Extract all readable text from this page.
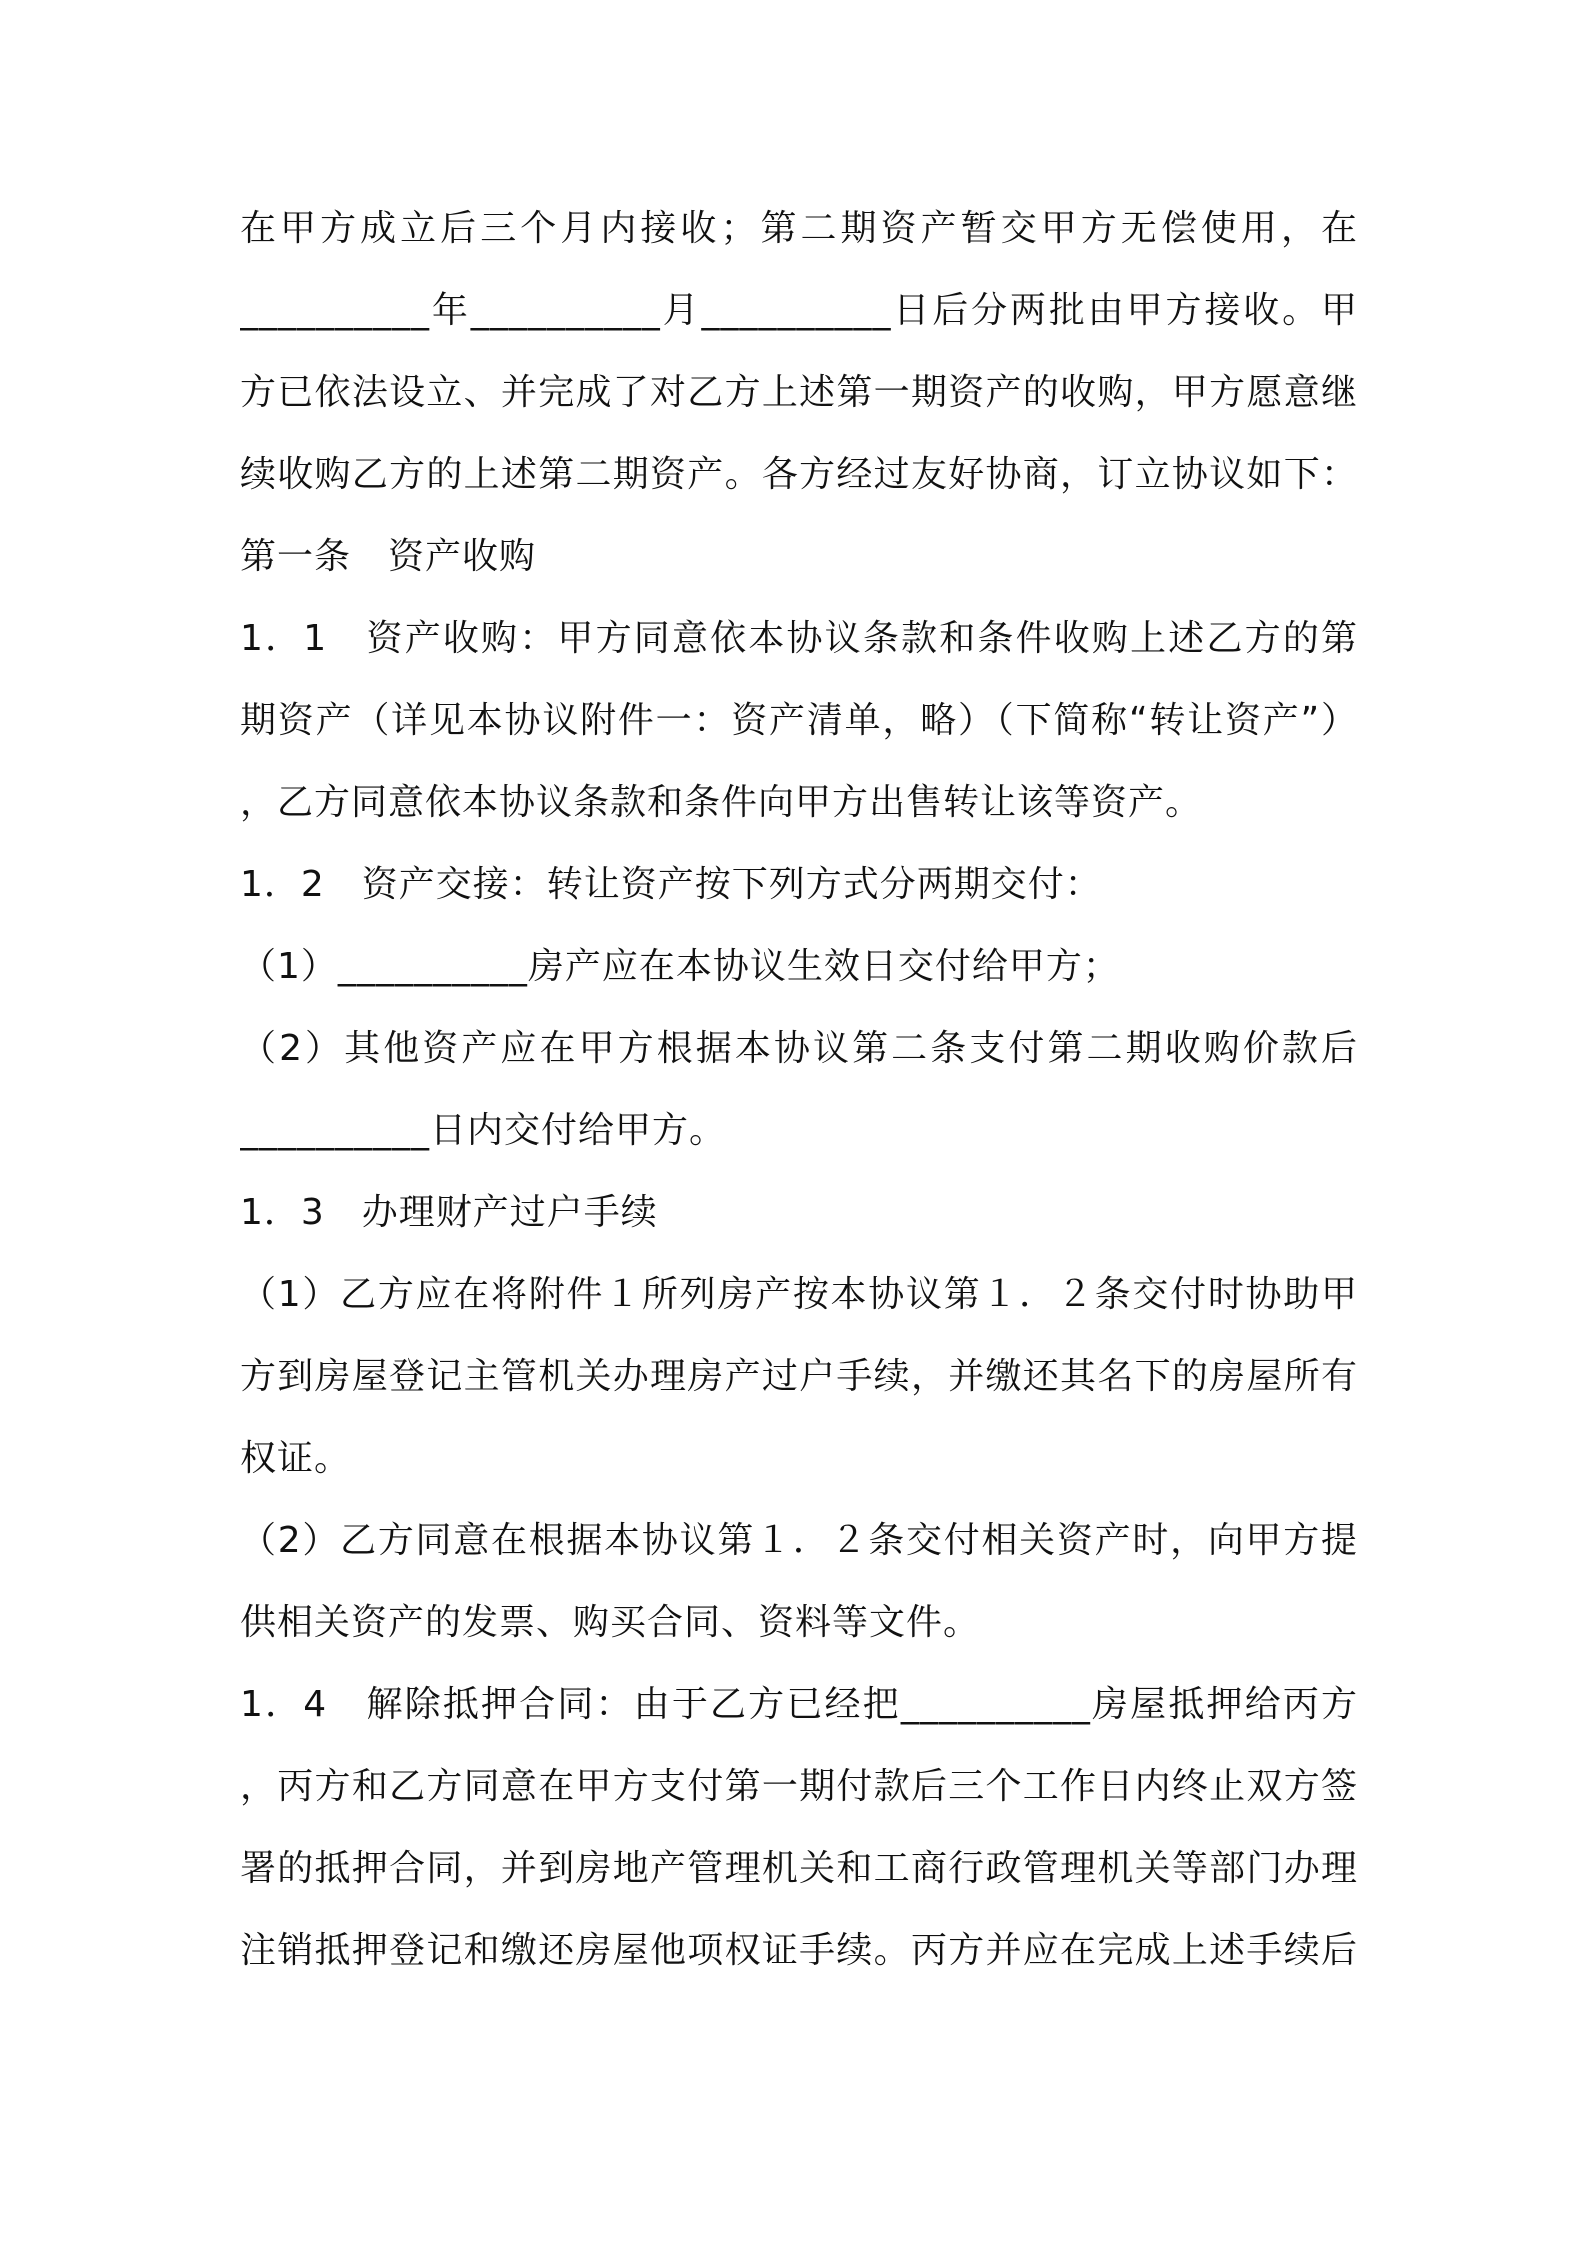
在甲方成立后三个月内接收；第二期资产暂交甲方无偿使用，在
__________年__________月__________日后分两批由甲方接收。甲
方已依法设立、并完成了对乙方上述第一期资产的收购，甲方愿意继
续收购乙方的上述第二期资产。各方经过友好协商，订立协议如下：
第一条　资产收购
1．1　资产收购：甲方同意依本协议条款和条件收购上述乙方的第
期资产（详见本协议附件一：资产清单，略）（下简称“转让资产”）
，乙方同意依本协议条款和条件向甲方出售转让该等资产。
1．2　资产交接：转让资产按下列方式分两期交付：
（1）__________房产应在本协议生效日交付给甲方；
（2）其他资产应在甲方根据本协议第二条支付第二期收购价款后
__________日内交付给甲方。
1．3　办理财产过户手续
（1）乙方应在将附件１所列房产按本协议第１．２条交付时协助甲
方到房屋登记主管机关办理房产过户手续，并缴还其名下的房屋所有
权证。
（2）乙方同意在根据本协议第１．２条交付相关资产时，向甲方提
供相关资产的发票、购买合同、资料等文件。
1．4　解除抵押合同：由于乙方已经把__________房屋抵押给丙方
，丙方和乙方同意在甲方支付第一期付款后三个工作日内终止双方签
署的抵押合同，并到房地产管理机关和工商行政管理机关等部门办理
注销抵押登记和缴还房屋他项权证手续。丙方并应在完成上述手续后
